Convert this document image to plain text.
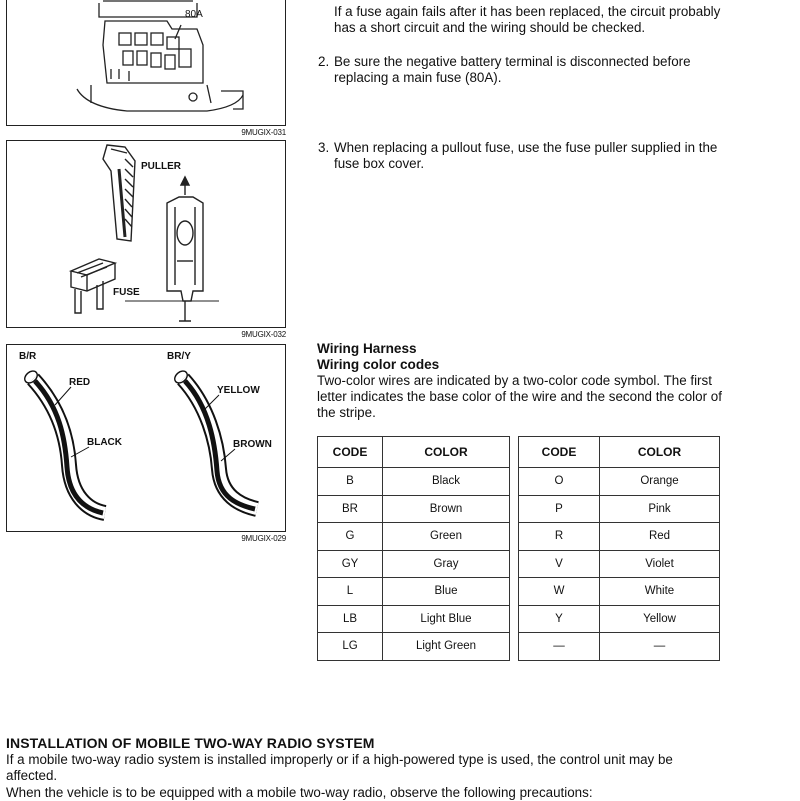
80A
9MUGIX-031
PULLER
FUSE
9MUGIX-032
B/R
RED
BLACK
BR/Y
YELLOW
BROWN
9MUGIX-029
If a fuse again fails after it has been replaced, the circuit probably has a short circuit and the wiring should be checked.
2. Be sure the negative battery terminal is disconnected before replacing a main fuse (80A).
3. When replacing a pullout fuse, use the fuse puller supplied in the fuse box cover.
Wiring Harness
Wiring color codes
Two-color wires are indicated by a two-color code symbol. The first letter indicates the base color of the wire and the second the color of the stripe.
CODE	COLOR		CODE	COLOR
B	Black		O	Orange
BR	Brown		P	Pink
G	Green		R	Red
GY	Gray		V	Violet
L	Blue		W	White
LB	Light Blue		Y	Yellow
LG	Light Green		—	—
INSTALLATION OF MOBILE TWO-WAY RADIO SYSTEM
If a mobile two-way radio system is installed improperly or if a high-powered type is used, the control unit may be affected.
When the vehicle is to be equipped with a mobile two-way radio, observe the following precautions:
